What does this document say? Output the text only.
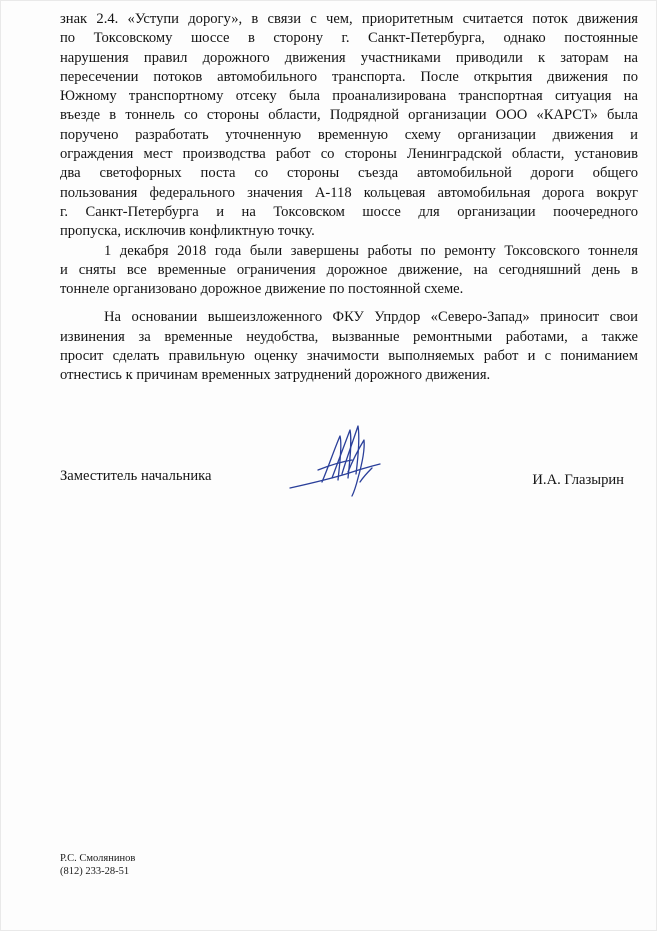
знак 2.4. «Уступи дорогу», в связи с чем, приоритетным считается поток движения
по Токсовскому шоссе в сторону г. Санкт-Петербурга, однако постоянные
нарушения правил дорожного движения участниками приводили к заторам на
пересечении потоков автомобильного транспорта. После открытия движения по
Южному транспортному отсеку была проанализирована транспортная ситуация на
въезде в тоннель со стороны области, Подрядной организации ООО «КАРСТ» была
поручено разработать уточненную временную схему организации движения и
ограждения мест производства работ со стороны Ленинградской области, установив
два светофорных поста со стороны съезда автомобильной дороги общего
пользования федерального значения А-118 кольцевая автомобильная дорога вокруг
г. Санкт-Петербурга и на Токсовском шоссе для организации поочередного
пропуска, исключив конфликтную точку.

1 декабря 2018 года были завершены работы по ремонту Токсовского тоннеля
и сняты все временные ограничения дорожное движение, на сегодняшний день в
тоннеле организовано дорожное движение по постоянной схеме.

На основании вышеизложенного ФКУ Упрдор «Северо-Запад» приносит свои
извинения за временные неудобства, вызванные ремонтными работами, а также
просит сделать правильную оценку значимости выполняемых работ и с пониманием
отнестись к причинам временных затруднений дорожного движения.

Заместитель начальника	И.А. Глазырин
Р.С. Смолянинов
(812) 233-28-51
